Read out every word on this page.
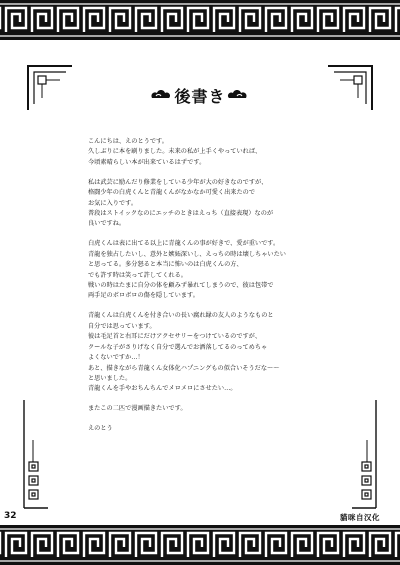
後書き
こんにちは、えのとうです。
久しぶりに本を刷りました。未来の私が上手くやっていれば、
今頃素晴らしい本が出来ているはずです。
私は武芸に励んだり修業をしている少年が大の好きなのですが、
格闘少年の白虎くんと青龍くんがなかなか可愛く出来たので
お気に入りです。
普段はストイックなのにエッチのときはえっち（直接表現）なのが
良いですね。
白虎くんは表に出てる以上に青龍くんの事が好きで、愛が重いです。
青龍を独占したいし、意外と嫉妬深いし、えっちの時は壊しちゃいたい
と思ってる。多分怒ると本当に怖いのは白虎くんの方、
でも許す時は笑って許してくれる。
戦いの時はたまに自分の体を顧みず暴れてしまうので、彼は包帯で
両手足のボロボロの傷を隠しています。
青龍くんは白虎くんを付き合いの長い腐れ縁の友人のようなものと
自分では思っています。
彼は毛足首と右耳にだけアクセサリーをつけているのですが、
クールな子がさりげなく自分で選んでお洒落してるのってめちゃ
よくないですか…！
あと、描きながら青龍くん女体化ハプニングもの似合いそうだな～～
と思いました。
青龍くんを手やおちんちんでメロメロにさせたい…。
またこの二匹で漫画描きたいです。
えのとう
32	貓咪自汉化
